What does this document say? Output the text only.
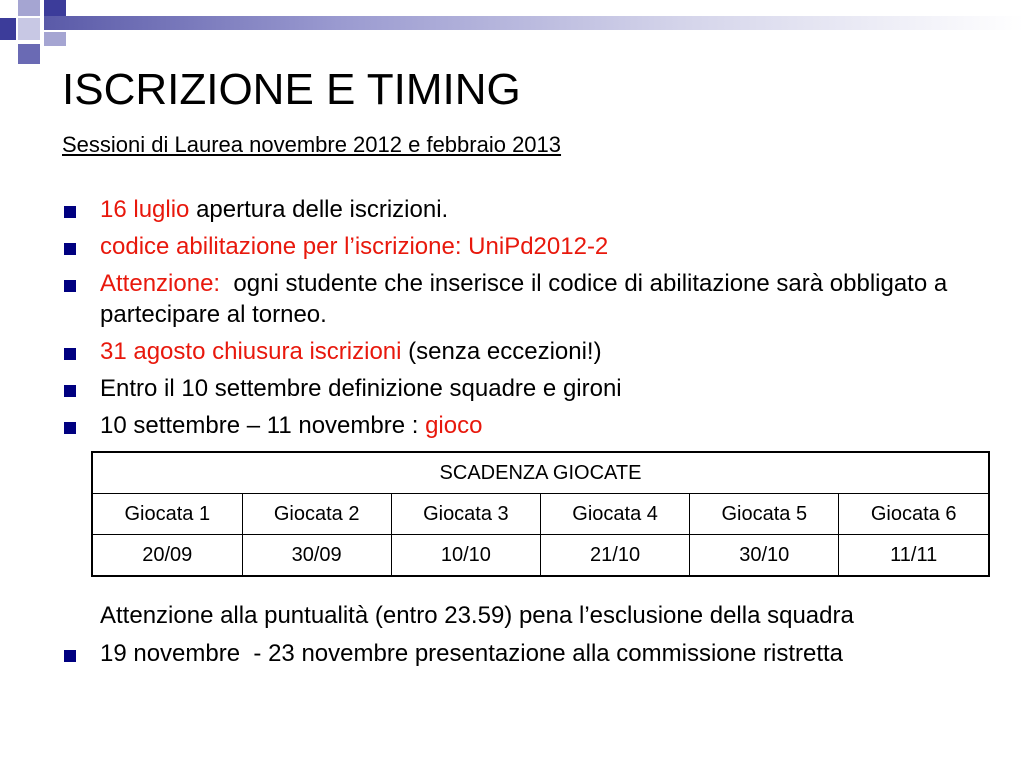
ISCRIZIONE E TIMING
Sessioni di Laurea novembre 2012 e febbraio 2013
16 luglio apertura delle iscrizioni.
codice abilitazione per l’iscrizione: UniPd2012-2
Attenzione:  ogni studente che inserisce il codice di abilitazione sarà obbligato a partecipare al torneo.
31 agosto chiusura iscrizioni (senza eccezioni!)
Entro il 10 settembre definizione squadre e gironi
10 settembre – 11 novembre : gioco
SCADENZA GIOCATE					
Giocata 1	Giocata 2	Giocata 3	Giocata 4	Giocata 5	Giocata 6
20/09	30/09	10/10	21/10	30/10	11/11
Attenzione alla puntualità (entro 23.59) pena l’esclusione della squadra
19 novembre  - 23 novembre presentazione alla commissione ristretta
